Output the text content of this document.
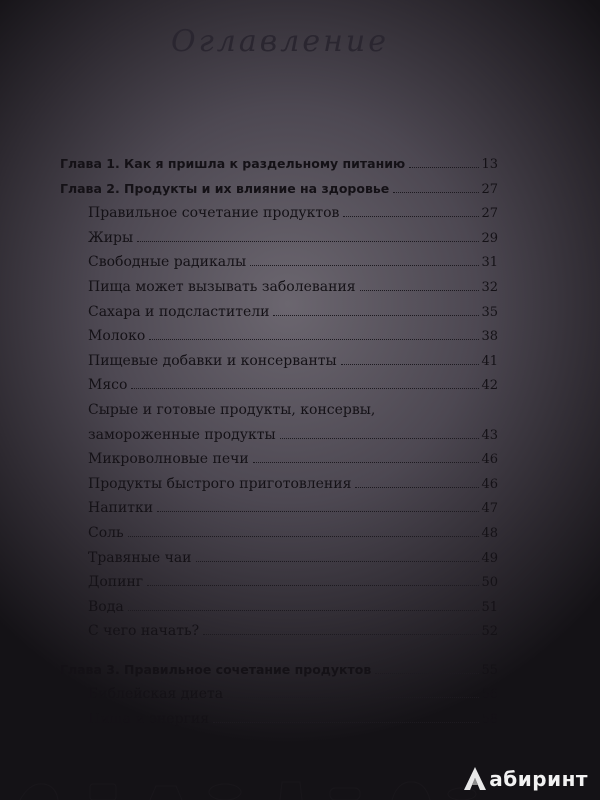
Оглавление
Глава 1. Как я пришла к раздельному питанию	13
Глава 2. Продукты и их влияние на здоровье	27
Правильное сочетание продуктов	27
Жиры	29
Свободные радикалы	31
Пища может вызывать заболевания	32
Сахара и подсластители	35
Молоко	38
Пищевые добавки и консерванты	41
Мясо	42
Сырые и готовые продукты, консервы,
замороженные продукты	43
Микроволновые печи	46
Продукты быстрого приготовления	46
Напитки	47
Соль	48
Травяные чаи	49
Допинг	50
Вода	51
С чего начать?	52
Глава 3. Правильное сочетание продуктов	55
Библейская диета	56
Пища и энергия	58
абиринт
